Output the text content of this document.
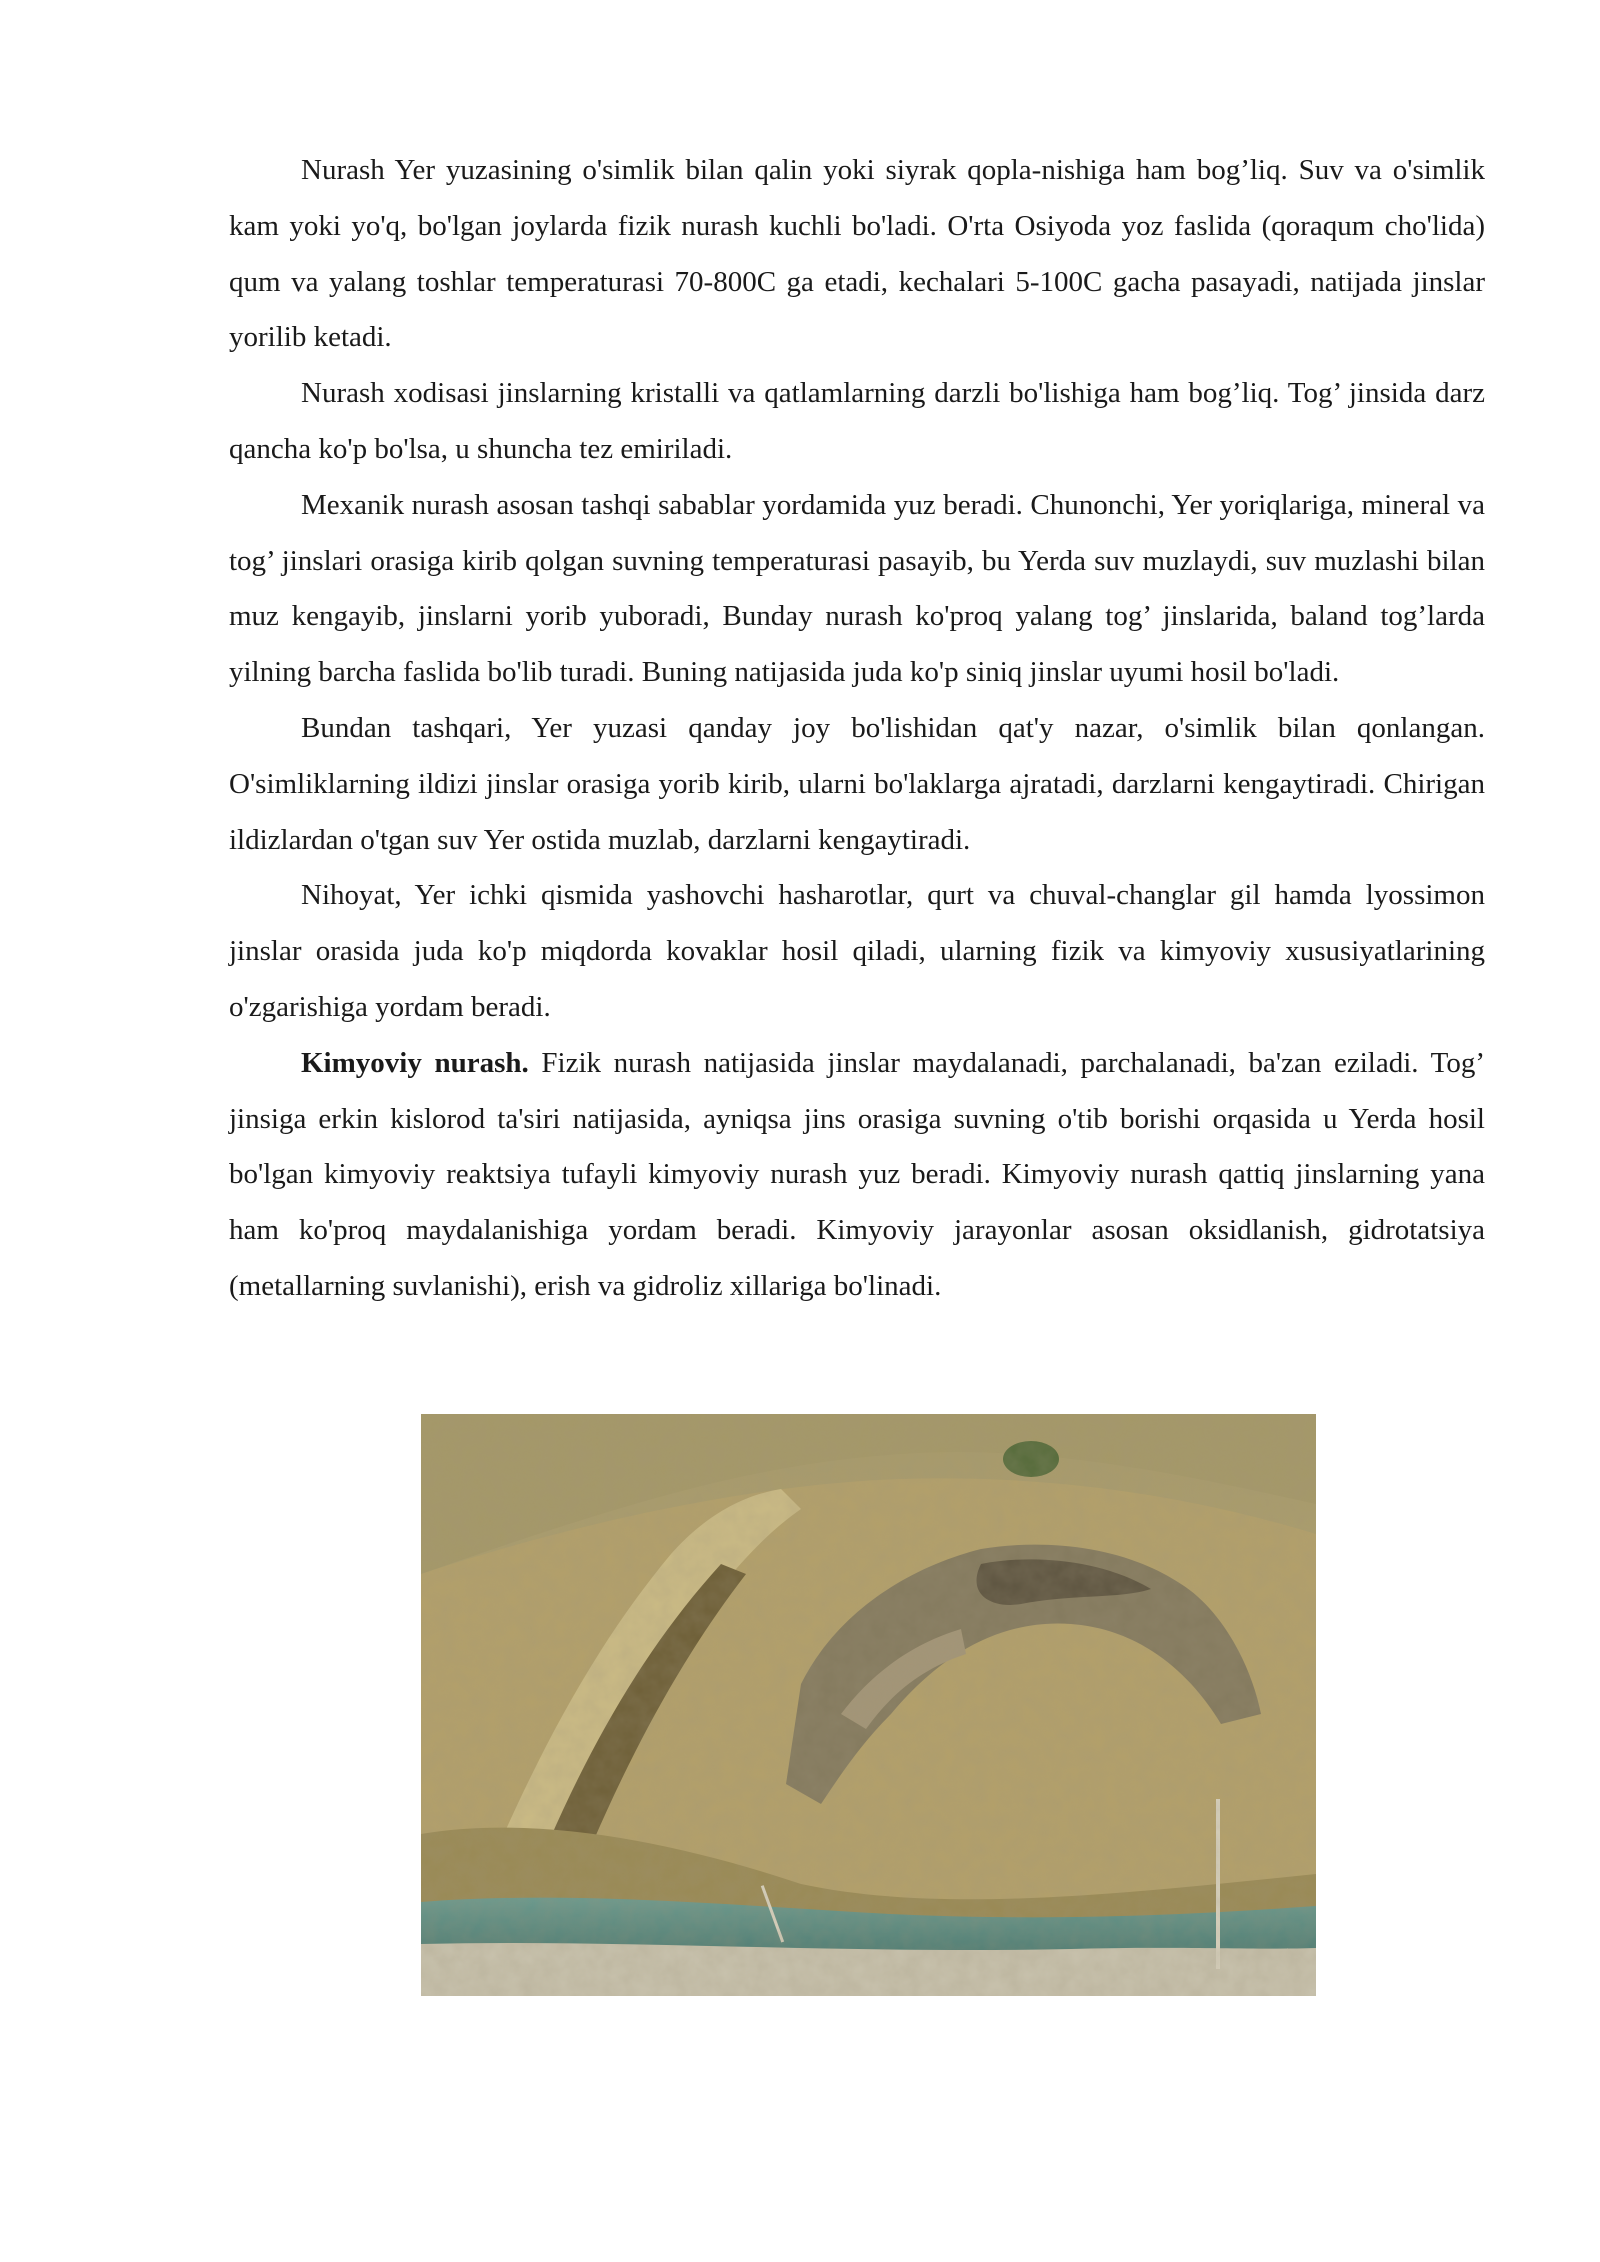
Nurash Yer yuzasining o'simlik bilan qalin yoki siyrak qopla-nishiga ham bog’liq. Suv va o'simlik kam yoki yo'q, bo'lgan joylarda fizik nurash kuchli bo'ladi. O'rta Osiyoda yoz faslida (qoraqum cho'lida) qum va yalang toshlar temperaturasi 70-800C ga etadi, kechalari 5-100C gacha pasayadi, natijada jinslar yorilib ketadi.

Nurash xodisasi jinslarning kristalli va qatlamlarning darzli bo'lishiga ham bog’liq. Tog’ jinsida darz qancha ko'p bo'lsa, u shuncha tez emiriladi.

Mexanik nurash asosan tashqi sabablar yordamida yuz beradi. Chunonchi, Yer yoriqlariga, mineral va tog’ jinslari orasiga kirib qolgan suvning temperaturasi pasayib, bu Yerda suv muzlaydi, suv muzlashi bilan muz kengayib, jinslarni yorib yuboradi, Bunday nurash ko'proq yalang tog’ jinslarida, baland tog’larda yilning barcha faslida bo'lib turadi. Buning natijasida juda ko'p siniq jinslar uyumi hosil bo'ladi.

Bundan tashqari, Yer yuzasi qanday joy bo'lishidan qat'y nazar, o'simlik bilan qonlangan. O'simliklarning ildizi jinslar orasiga yorib kirib, ularni bo'laklarga ajratadi, darzlarni kengaytiradi. Chirigan ildizlardan o'tgan suv Yer ostida muzlab, darzlarni kengaytiradi.

Nihoyat, Yer ichki qismida yashovchi hasharotlar, qurt va chuval-changlar gil hamda lyossimon jinslar orasida juda ko'p miqdorda kovaklar hosil qiladi, ularning fizik va kimyoviy xususiyatlarining o'zgarishiga yordam beradi.

Kimyoviy nurash. Fizik nurash natijasida jinslar maydalanadi, parchalanadi, ba'zan eziladi. Tog’ jinsiga erkin kislorod ta'siri natijasida, ayniqsa jins orasiga suvning o'tib borishi orqasida u Yerda hosil bo'lgan kimyoviy reaktsiya tufayli kimyoviy nurash yuz beradi. Kimyoviy nurash qattiq jinslarning yana ham ko'proq maydalanishiga yordam beradi. Kimyoviy jarayonlar asosan oksidlanish, gidrotatsiya (metallarning suvlanishi), erish va gidroliz xillariga bo'linadi.
